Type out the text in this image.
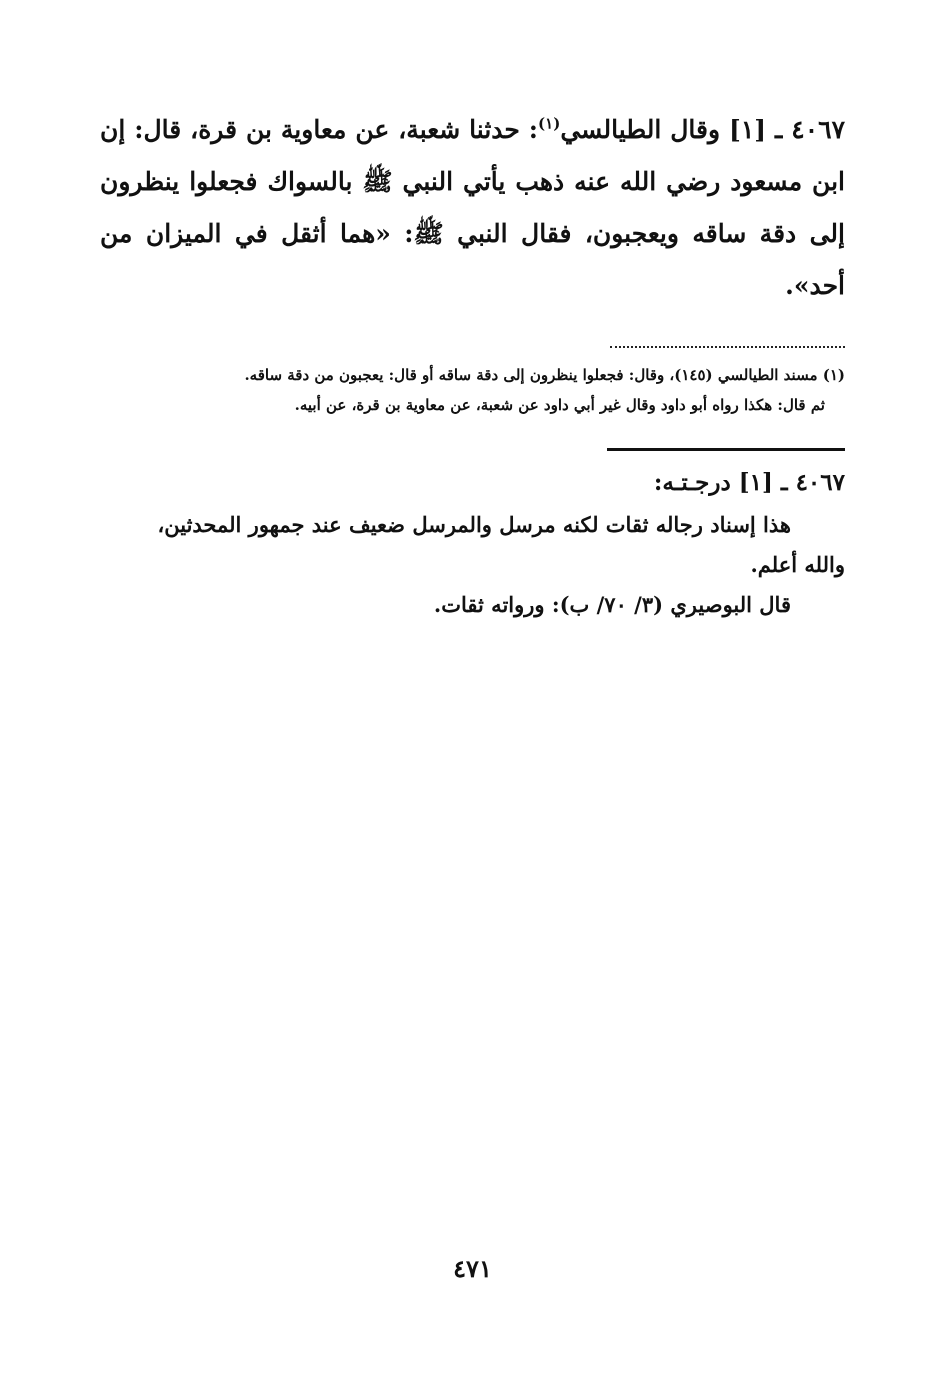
٤٠٦٧ ـ [١] وقال الطيالسي$^{(١)}$: حدثنا شعبة، عن معاوية بن قرة، قال: إن ابن مسعود رضي الله عنه ذهب يأتي النبي ﷺ بالسواك فجعلوا ينظرون إلى دقة ساقه ويعجبون، فقال النبي ﷺ: «هما أثقل في الميزان من أحد».

(١) مسند الطيالسي (١٤٥)، وقال: فجعلوا ينظرون إلى دقة ساقه أو قال: يعجبون من دقة ساقه.

ثم قال: هكذا رواه أبو داود وقال غير أبي داود عن شعبة، عن معاوية بن قرة، عن أبيه.

٤٠٦٧ ـ [١] درجـتـه:

هذا إسناد رجاله ثقات لكنه مرسل والمرسل ضعيف عند جمهور المحدثين،

والله أعلم.

قال البوصيري (٣/ ٧٠/ ب): ورواته ثقات.

٤٧١
